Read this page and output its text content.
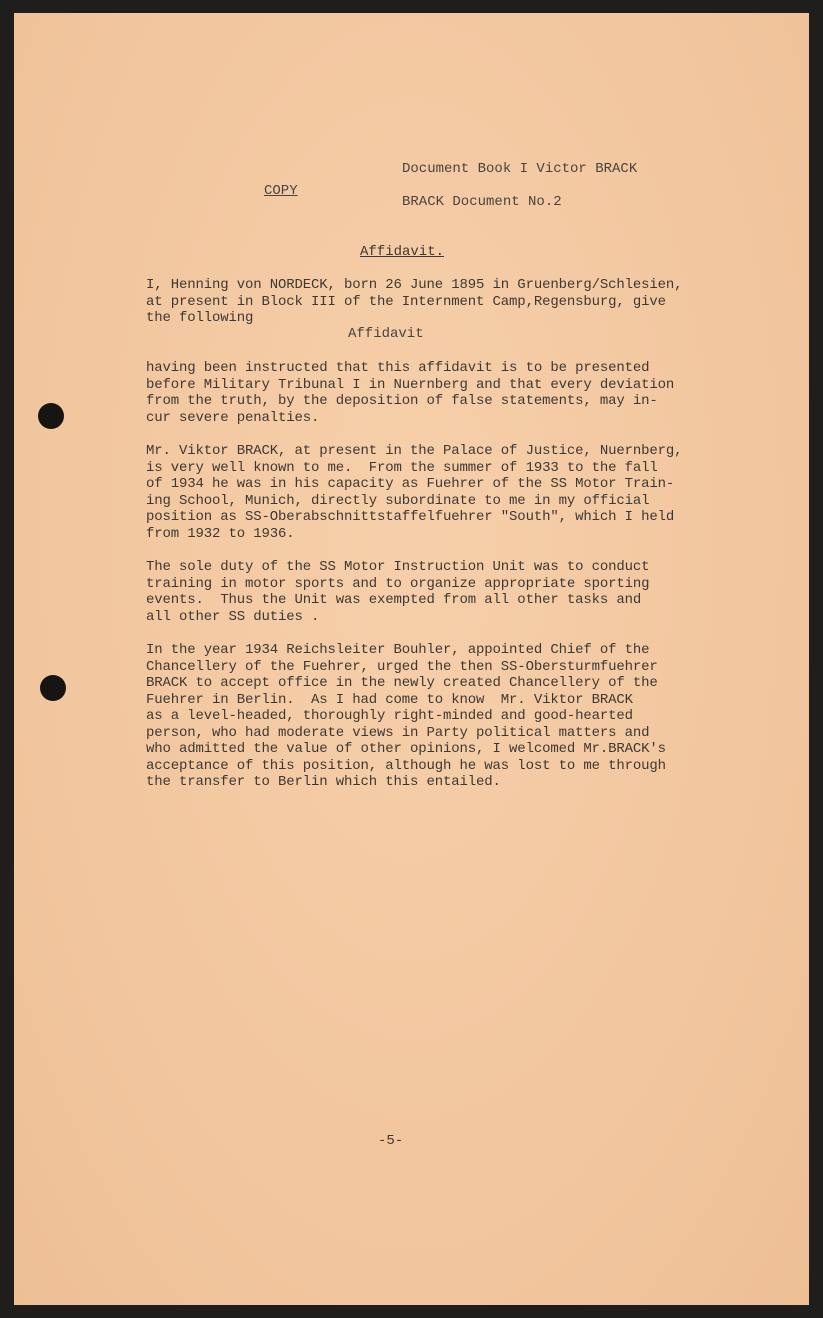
Document Book I Victor BRACK
COPY
BRACK Document No.2
Affidavit.
I, Henning von NORDECK, born 26 June 1895 in Gruenberg/Schlesien,
at present in Block III of the Internment Camp,Regensburg, give
the following
Affidavit
having been instructed that this affidavit is to be presented
before Military Tribunal I in Nuernberg and that every deviation
from the truth, by the deposition of false statements, may in-
cur severe penalties.
Mr. Viktor BRACK, at present in the Palace of Justice, Nuernberg,
is very well known to me.  From the summer of 1933 to the fall
of 1934 he was in his capacity as Fuehrer of the SS Motor Train-
ing School, Munich, directly subordinate to me in my official
position as SS-Oberabschnittstaffelfuehrer "South", which I held
from 1932 to 1936.
The sole duty of the SS Motor Instruction Unit was to conduct
training in motor sports and to organize appropriate sporting
events.  Thus the Unit was exempted from all other tasks and
all other SS duties .
In the year 1934 Reichsleiter Bouhler, appointed Chief of the
Chancellery of the Fuehrer, urged the then SS-Obersturmfuehrer
BRACK to accept office in the newly created Chancellery of the
Fuehrer in Berlin.  As I had come to know  Mr. Viktor BRACK
as a level-headed, thoroughly right-minded and good-hearted
person, who had moderate views in Party political matters and
who admitted the value of other opinions, I welcomed Mr.BRACK's
acceptance of this position, although he was lost to me through
the transfer to Berlin which this entailed.
-5-
